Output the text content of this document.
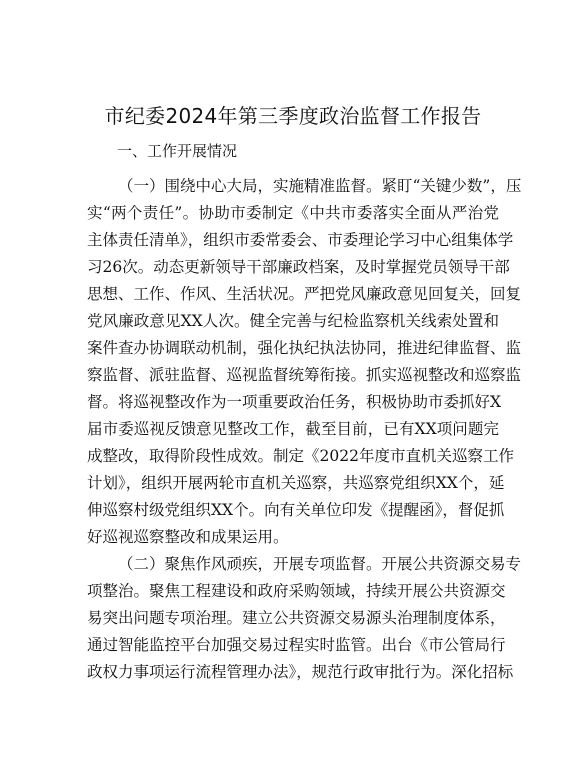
市纪委2024年第三季度政治监督工作报告
一、工作开展情况
（一）围绕中心大局，实施精准监督。紧盯“关键少数”，压
实“两个责任”。协助市委制定《中共市委落实全面从严治党
主体责任清单》，组织市委常委会、市委理论学习中心组集体学
习26次。动态更新领导干部廉政档案，及时掌握党员领导干部
思想、工作、作风、生活状况。严把党风廉政意见回复关，回复
党风廉政意见XX人次。健全完善与纪检监察机关线索处置和
案件查办协调联动机制，强化执纪执法协同，推进纪律监督、监
察监督、派驻监督、巡视监督统筹衔接。抓实巡视整改和巡察监
督。将巡视整改作为一项重要政治任务，积极协助市委抓好X
届市委巡视反馈意见整改工作，截至目前，已有XX项问题完
成整改，取得阶段性成效。制定《2022年度市直机关巡察工作
计划》，组织开展两轮市直机关巡察，共巡察党组织XX个，延
伸巡察村级党组织XX个。向有关单位印发《提醒函》，督促抓
好巡视巡察整改和成果运用。
（二）聚焦作风顽疾，开展专项监督。开展公共资源交易专
项整治。聚焦工程建设和政府采购领域，持续开展公共资源交
易突出问题专项治理。建立公共资源交易源头治理制度体系，
通过智能监控平台加强交易过程实时监管。出台《市公管局行
政权力事项运行流程管理办法》，规范行政审批行为。深化招标
